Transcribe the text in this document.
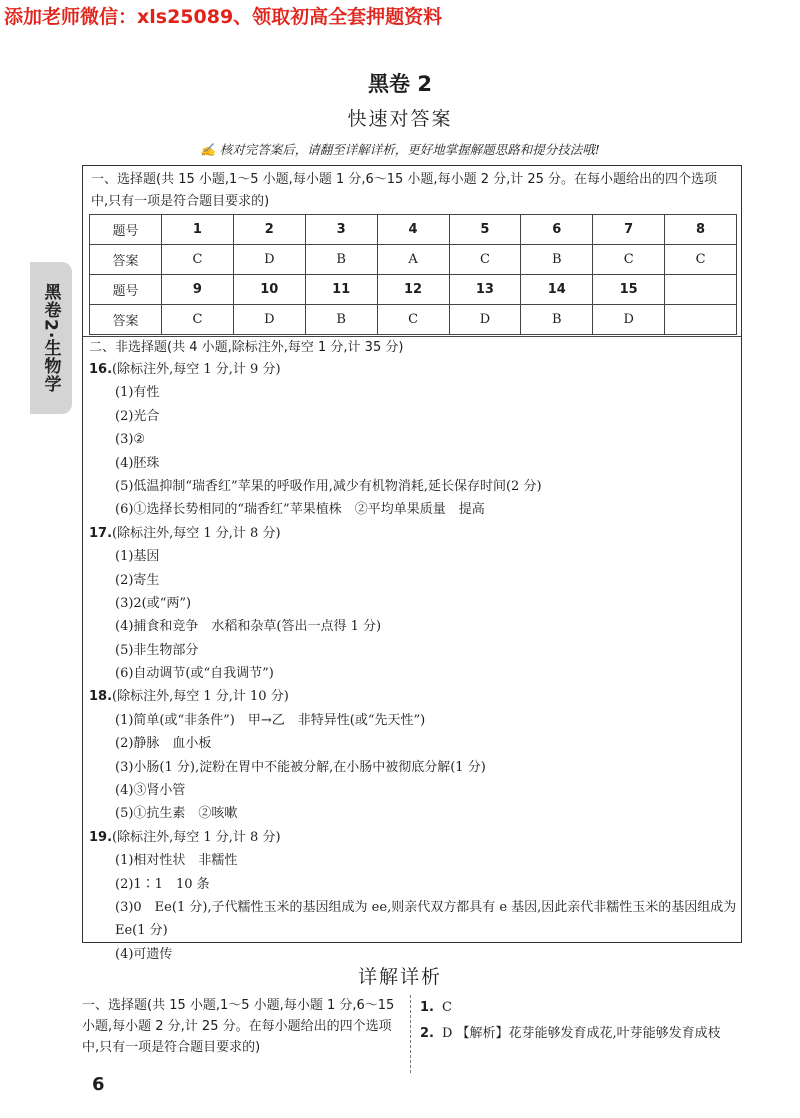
添加老师微信：xls25089、领取初高全套押题资料
黑卷2·生物学
黑卷 2
快速对答案
✍ 核对完答案后，请翻至详解详析，更好地掌握解题思路和提分技法哦!
一、选择题(共 15 小题,1～5 小题,每小题 1 分,6～15 小题,每小题 2 分,计 25 分。在每小题给出的四个选项中,只有一项是符合题目要求的)
题号	1	2	3	4	5	6	7	8
答案	C	D	B	A	C	B	C	C
题号	9	10	11	12	13	14	15	
答案	C	D	B	C	D	B	D	
二、非选择题(共 4 小题,除标注外,每空 1 分,计 35 分)
16.(除标注外,每空 1 分,计 9 分)
(1)有性
(2)光合
(3)②
(4)胚珠
(5)低温抑制“瑞香红”苹果的呼吸作用,减少有机物消耗,延长保存时间(2 分)
(6)①选择长势相同的“瑞香红”苹果植株　②平均单果质量　提高
17.(除标注外,每空 1 分,计 8 分)
(1)基因
(2)寄生
(3)2(或“两”)
(4)捕食和竞争　水稻和杂草(答出一点得 1 分)
(5)非生物部分
(6)自动调节(或“自我调节”)
18.(除标注外,每空 1 分,计 10 分)
(1)简单(或“非条件”)　甲→乙　非特异性(或“先天性”)
(2)静脉　血小板
(3)小肠(1 分),淀粉在胃中不能被分解,在小肠中被彻底分解(1 分)
(4)③肾小管
(5)①抗生素　②咳嗽
19.(除标注外,每空 1 分,计 8 分)
(1)相对性状　非糯性
(2)1∶1　10 条
(3)0　Ee(1 分),子代糯性玉米的基因组成为 ee,则亲代双方都具有 e 基因,因此亲代非糯性玉米的基因组成为 Ee(1 分)
(4)可遗传
详解详析
一、选择题(共 15 小题,1～5 小题,每小题 1 分,6～15 小题,每小题 2 分,计 25 分。在每小题给出的四个选项中,只有一项是符合题目要求的)
1. C
2. D 【解析】花芽能够发育成花,叶芽能够发育成枝
6
